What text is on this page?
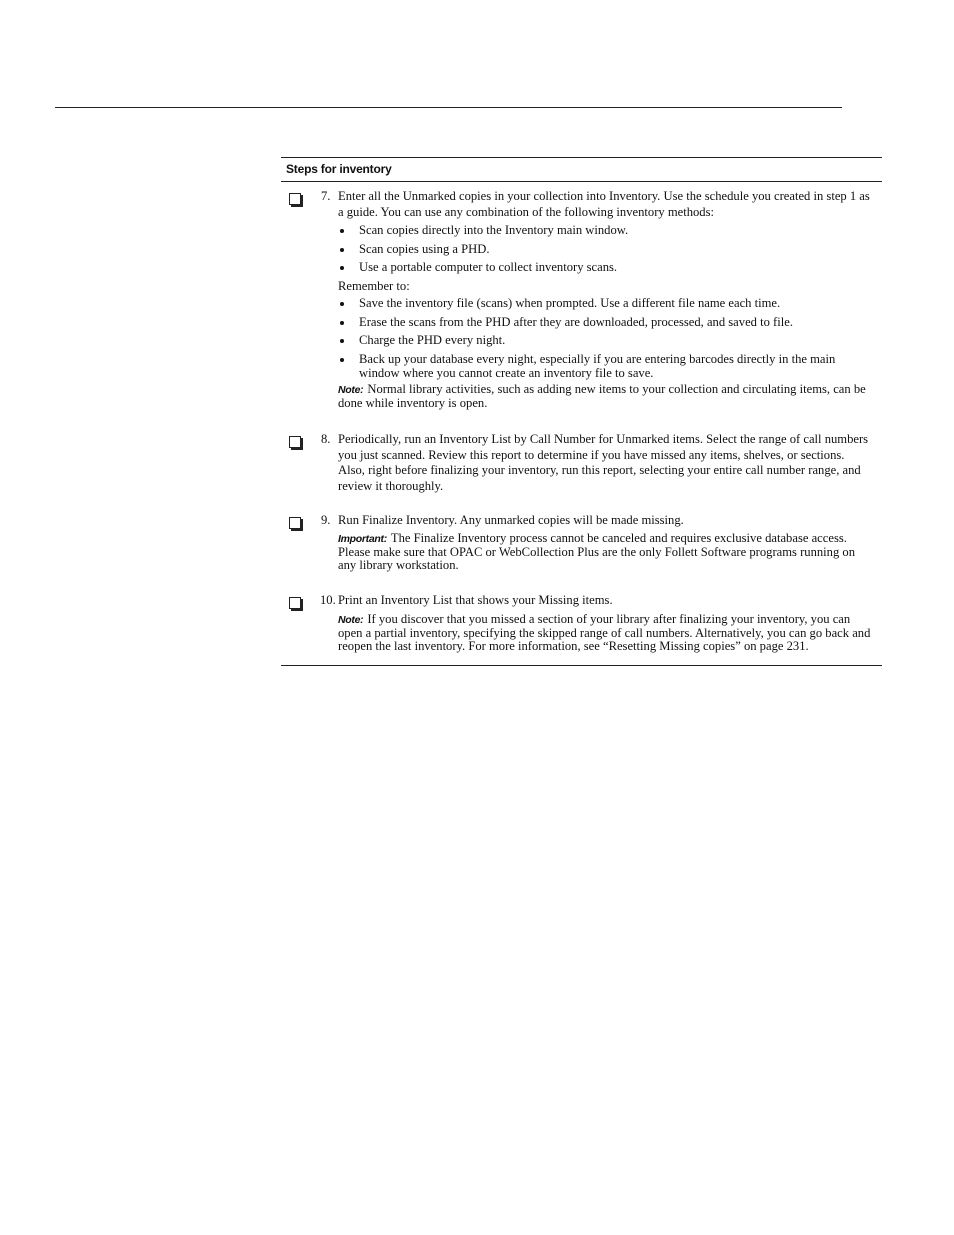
Steps for inventory
7. Enter all the Unmarked copies in your collection into Inventory. Use the schedule you created in step 1 as a guide. You can use any combination of the following inventory methods:

Scan copies directly into the Inventory main window.
Scan copies using a PHD.
Use a portable computer to collect inventory scans.

Remember to:

Save the inventory file (scans) when prompted. Use a different file name each time.
Erase the scans from the PHD after they are downloaded, processed, and saved to file.
Charge the PHD every night.
Back up your database every night, especially if you are entering barcodes directly in the main window where you cannot create an inventory file to save.

Note: Normal library activities, such as adding new items to your collection and circulating items, can be done while inventory is open.

8. Periodically, run an Inventory List by Call Number for Unmarked items. Select the range of call numbers you just scanned. Review this report to determine if you have missed any items, shelves, or sections. Also, right before finalizing your inventory, run this report, selecting your entire call number range, and review it thoroughly.

9. Run Finalize Inventory. Any unmarked copies will be made missing.

Important: The Finalize Inventory process cannot be canceled and requires exclusive database access. Please make sure that OPAC or WebCollection Plus are the only Follett Software programs running on any library workstation.

10. Print an Inventory List that shows your Missing items.

Note: If you discover that you missed a section of your library after finalizing your inventory, you can open a partial inventory, specifying the skipped range of call numbers. Alternatively, you can go back and reopen the last inventory. For more information, see “Resetting Missing copies” on page 231.
